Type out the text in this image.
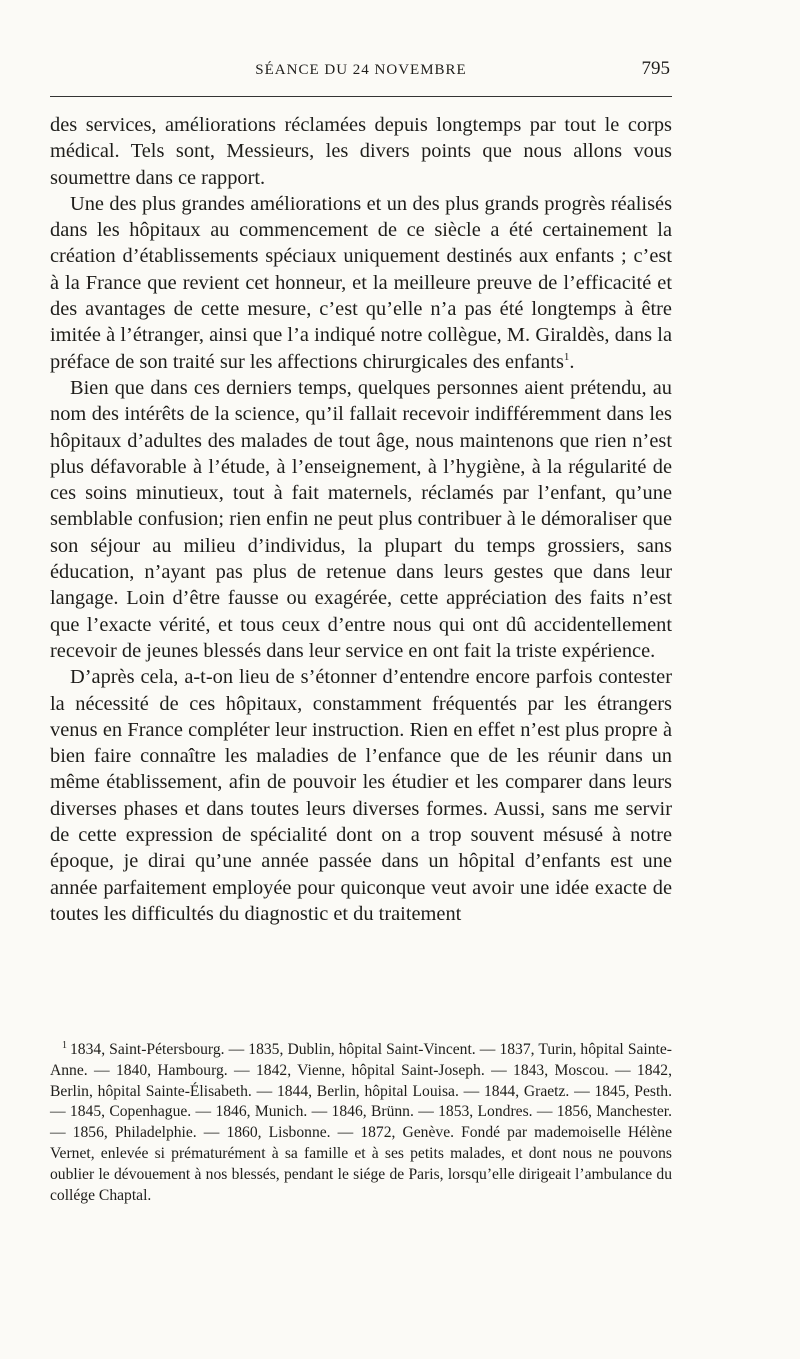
SÉANCE DU 24 NOVEMBRE	795

des services, améliorations réclamées depuis longtemps par tout le corps médical. Tels sont, Messieurs, les divers points que nous allons vous soumettre dans ce rapport.

Une des plus grandes améliorations et un des plus grands progrès réalisés dans les hôpitaux au commencement de ce siècle a été certainement la création d’établissements spéciaux uniquement destinés aux enfants ; c’est à la France que revient cet honneur, et la meilleure preuve de l’efficacité et des avantages de cette mesure, c’est qu’elle n’a pas été longtemps à être imitée à l’étranger, ainsi que l’a indiqué notre collègue, M. Giraldès, dans la préface de son traité sur les affections chirurgicales des enfants$^1$.

Bien que dans ces derniers temps, quelques personnes aient prétendu, au nom des intérêts de la science, qu’il fallait recevoir indifféremment dans les hôpitaux d’adultes des malades de tout âge, nous maintenons que rien n’est plus défavorable à l’étude, à l’enseignement, à l’hygiène, à la régularité de ces soins minutieux, tout à fait maternels, réclamés par l’enfant, qu’une semblable confusion; rien enfin ne peut plus contribuer à le démoraliser que son séjour au milieu d’individus, la plupart du temps grossiers, sans éducation, n’ayant pas plus de retenue dans leurs gestes que dans leur langage. Loin d’être fausse ou exagérée, cette appréciation des faits n’est que l’exacte vérité, et tous ceux d’entre nous qui ont dû accidentellement recevoir de jeunes blessés dans leur service en ont fait la triste expérience.

D’après cela, a-t-on lieu de s’étonner d’entendre encore parfois contester la nécessité de ces hôpitaux, constamment fréquentés par les étrangers venus en France compléter leur instruction. Rien en effet n’est plus propre à bien faire connaître les maladies de l’enfance que de les réunir dans un même établissement, afin de pouvoir les étudier et les comparer dans leurs diverses phases et dans toutes leurs diverses formes. Aussi, sans me servir de cette expression de spécialité dont on a trop souvent mésusé à notre époque, je dirai qu’une année passée dans un hôpital d’enfants est une année parfaitement employée pour quiconque veut avoir une idée exacte de toutes les difficultés du diagnostic et du traitement

$^1$ 1834, Saint-Pétersbourg. — 1835, Dublin, hôpital Saint-Vincent. — 1837, Turin, hôpital Sainte-Anne. — 1840, Hambourg. — 1842, Vienne, hôpital Saint-Joseph. — 1843, Moscou. — 1842, Berlin, hôpital Sainte-Élisabeth. — 1844, Berlin, hôpital Louisa. — 1844, Graetz. — 1845, Pesth. — 1845, Copenhague. — 1846, Munich. — 1846, Brünn. — 1853, Londres. — 1856, Manchester. — 1856, Philadelphie. — 1860, Lisbonne. — 1872, Genève. Fondé par mademoiselle Hélène Vernet, enlevée si prématurément à sa famille et à ses petits malades, et dont nous ne pouvons oublier le dévouement à nos blessés, pendant le siége de Paris, lorsqu’elle dirigeait l’ambulance du collége Chaptal.
